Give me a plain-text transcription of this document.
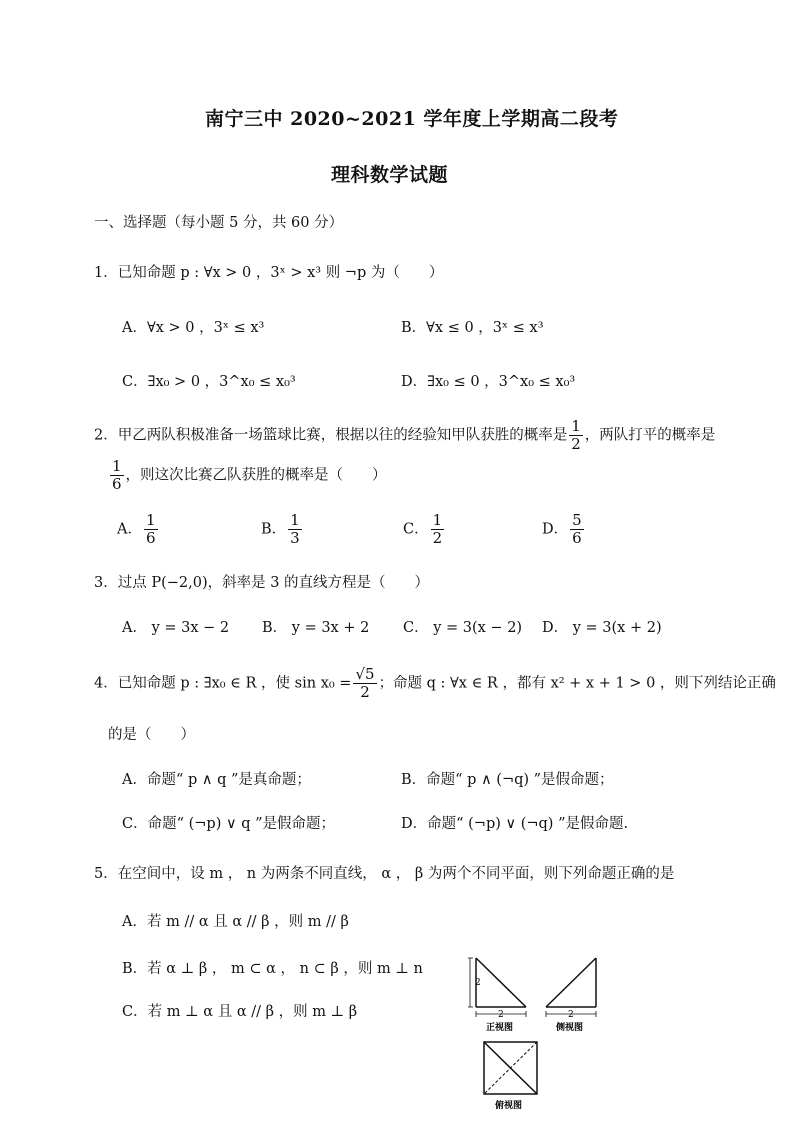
南宁三中 2020~2021 学年度上学期高二段考
理科数学试题
一、选择题（每小题 5 分，共 60 分）
1．已知命题 p : ∀x > 0 ，3ˣ > x³ 则 ¬p 为（　　）
A．∀x > 0 ，3ˣ ≤ x³	B．∀x ≤ 0 ，3ˣ ≤ x³
C．∃x₀ > 0 ，3^x₀ ≤ x₀³	D．∃x₀ ≤ 0 ，3^x₀ ≤ x₀³
2．甲乙两队积极准备一场篮球比赛，根据以往的经验知甲队获胜的概率是 $\frac{1}{2}$ ，两队打平的概率是
$\frac{1}{6}$ ，则这次比赛乙队获胜的概率是（　　）
A． $\frac{1}{6}$	B． $\frac{1}{3}$	C． $\frac{1}{2}$	D． $\frac{5}{6}$
3．过点 P(−2,0)，斜率是 3 的直线方程是（　　）
A． y = 3x − 2 B． y = 3x + 2 C． y = 3(x − 2) D． y = 3(x + 2)
4．已知命题 p : ∃x₀ ∈ R ，使 $\sin x_0 = \frac{√5}{2}$ ；命题 q : ∀x ∈ R ，都有 x² + x + 1 > 0 ，则下列结论正确
的是（　　）
A．命题“ p ∧ q ”是真命题；	B．命题“ p ∧ (¬q) ”是假命题；
C．命题“ (¬p) ∨ q ”是假命题；	D．命题“ (¬p) ∨ (¬q) ”是假命题.
5．在空间中，设 m ， n 为两条不同直线， α ， β 为两个不同平面，则下列命题正确的是
A．若 m // α 且 α // β ，则 m // β
B．若 α ⊥ β ， m ⊂ α ， n ⊂ β ，则 m ⊥ n
C．若 m ⊥ α 且 α // β ，则 m ⊥ β
2
2
正视图
2
侧视图
俯视图
